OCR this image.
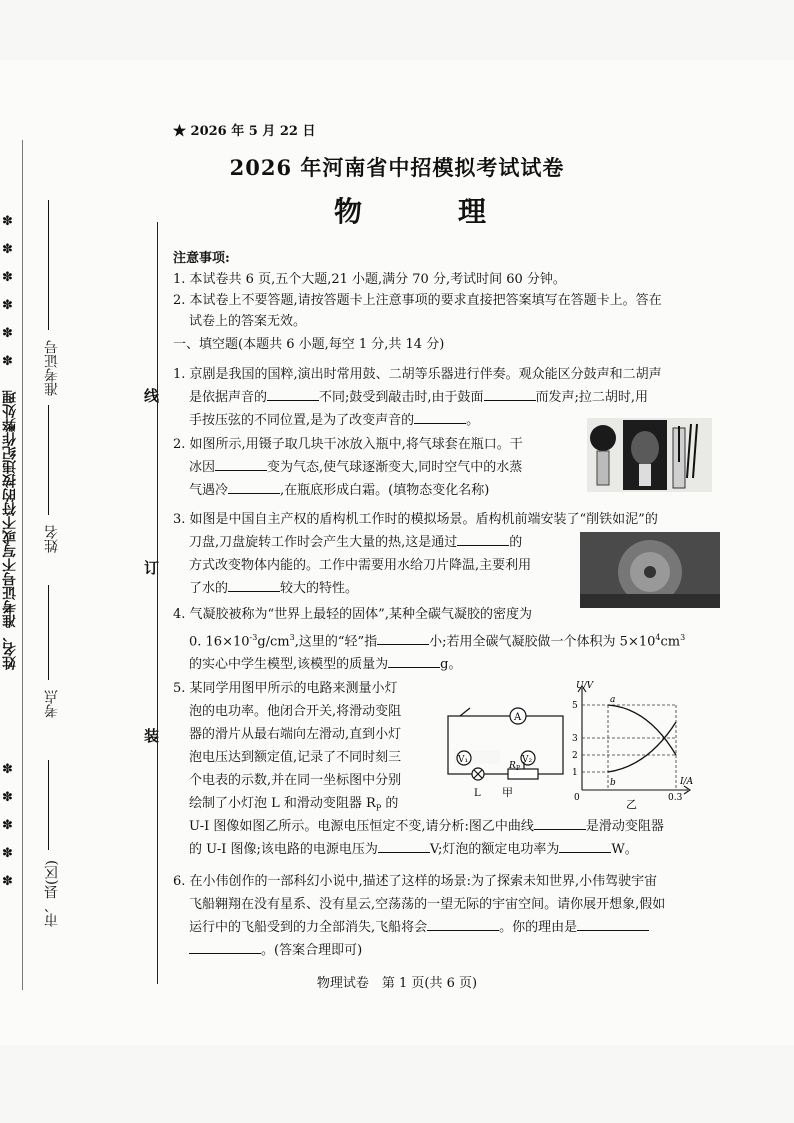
姓名、准考证号不写或不符的按违纪作弊处理
✽
✽
✽
✽
✽
✽
✽
✽
✽
✽
✽
准考证号
姓名
考点
市、县(区)
线
订
装
★ 2026 年 5 月 22 日
2026 年河南省中招模拟考试试卷
物　理

注意事项:

1. 本试卷共 6 页,五个大题,21 小题,满分 70 分,考试时间 60 分钟。

2. 本试卷上不要答题,请按答题卡上注意事项的要求直接把答案填写在答题卡上。答在

试卷上的答案无效。

一、填空题(本题共 6 小题,每空 1 分,共 14 分)

1. 京剧是我国的国粹,演出时常用鼓、二胡等乐器进行伴奏。观众能区分鼓声和二胡声
是依据声音的	不同;鼓受到敲击时,由于鼓面	而发声;拉二胡时,用
手按压弦的不同位置,是为了改变声音的	。
2. 如图所示,用镊子取几块干冰放入瓶中,将气球套在瓶口。干
冰因	变为气态,使气球逐渐变大,同时空气中的水蒸
气遇冷	,在瓶底形成白霜。(填物态变化名称)
3. 如图是中国自主产权的盾构机工作时的模拟场景。盾构机前端安装了“削铁如泥”的
刀盘,刀盘旋转工作时会产生大量的热,这是通过	的
方式改变物体内能的。工作中需要用水给刀片降温,主要利用
了水的	较大的特性。
4. 气凝胶被称为“世界上最轻的固体”,某种全碳气凝胶的密度为
0. $16\times 10^{-3}g/cm^3$,这里的“轻”指	小;若用全碳气凝胶做一个体积为 $5\times 10^4cm^3$
的实心中学生模型,该模型的质量为	g。
5. 某同学用图甲所示的电路来测量小灯
泡的电功率。他闭合开关,将滑动变阻
器的滑片从最右端向左滑动,直到小灯
泡电压达到额定值,记录了不同时刻三
个电表的示数,并在同一坐标图中分别
绘制了小灯泡 L 和滑动变阻器 $R_P$ 的
U-I 图像如图乙所示。电源电压恒定不变,请分析:图乙中曲线	是滑动变阻器
的 U-I 图像;该电路的电源电压为	V;灯泡的额定电功率为	W。
A
V₁	V₂
R P
L 甲
U/V
I/A
5
3
2
1
0	0.3
a
b
乙
6. 在小伟创作的一部科幻小说中,描述了这样的场景:为了探索未知世界,小伟驾驶宇宙
飞船翱翔在没有星系、没有星云,空荡荡的一望无际的宇宙空间。请你展开想象,假如
运行中的飞船受到的力全部消失,飞船将会	。你的理由是
。(答案合理即可)
物理试卷　第 1 页(共 6 页)
